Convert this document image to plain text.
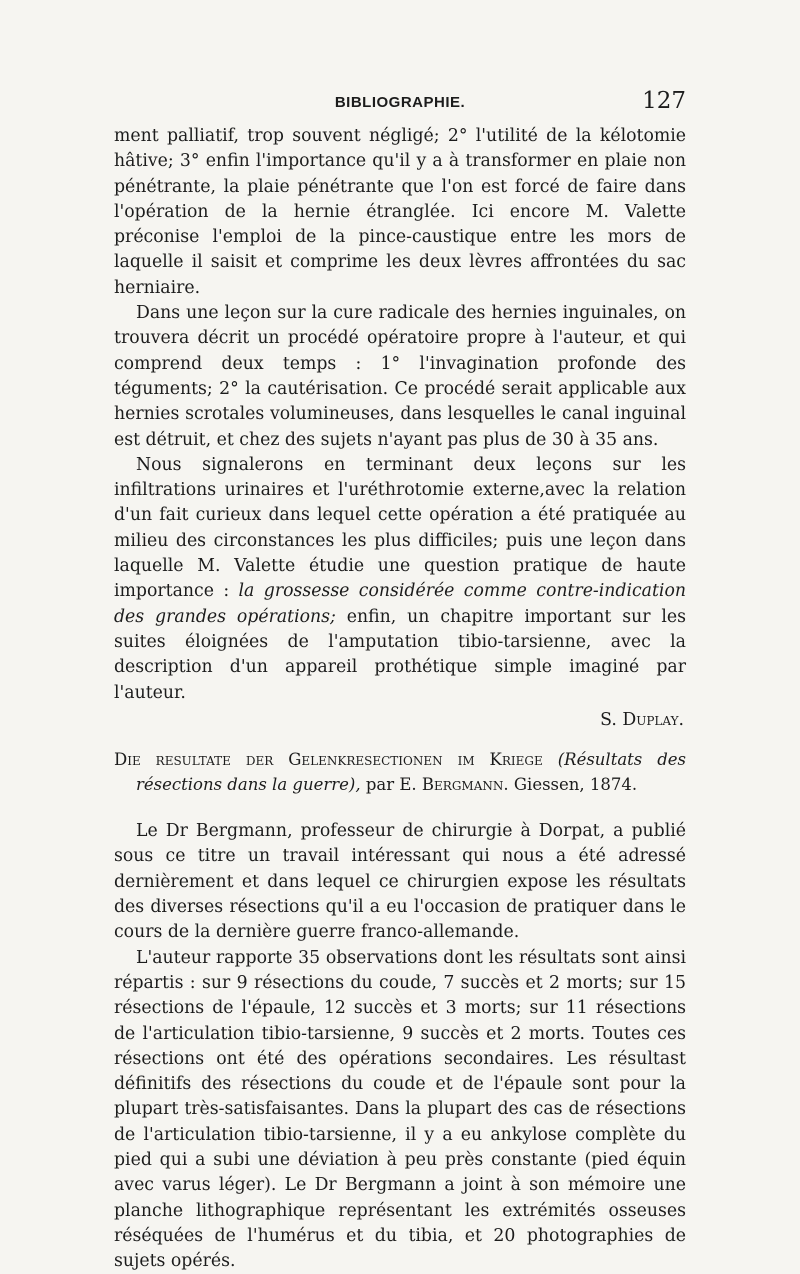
BIBLIOGRAPHIE.	127

ment palliatif, trop souvent négligé; 2° l'utilité de la kélotomie hâtive; 3° enfin l'importance qu'il y a à transformer en plaie non pénétrante, la plaie pénétrante que l'on est forcé de faire dans l'opération de la hernie étranglée. Ici encore M. Valette préconise l'emploi de la pince-caustique entre les mors de laquelle il saisit et comprime les deux lèvres affrontées du sac herniaire.

Dans une leçon sur la cure radicale des hernies inguinales, on trouvera décrit un procédé opératoire propre à l'auteur, et qui comprend deux temps : 1° l'invagination profonde des téguments; 2° la cautérisation. Ce procédé serait applicable aux hernies scrotales volumineuses, dans lesquelles le canal inguinal est détruit, et chez des sujets n'ayant pas plus de 30 à 35 ans.

Nous signalerons en terminant deux leçons sur les infiltrations urinaires et l'uréthrotomie externe,avec la relation d'un fait curieux dans lequel cette opération a été pratiquée au milieu des circonstances les plus difficiles; puis une leçon dans laquelle M. Valette étudie une question pratique de haute importance : la grossesse considérée comme contre-indication des grandes opérations; enfin, un chapitre important sur les suites éloignées de l'amputation tibio-tarsienne, avec la description d'un appareil prothétique simple imaginé par l'auteur.

S. Duplay.

Die resultate der Gelenkresectionen im Kriege (Résultats des résections dans la guerre), par E. Bergmann. Giessen, 1874.

Le Dr Bergmann, professeur de chirurgie à Dorpat, a publié sous ce titre un travail intéressant qui nous a été adressé dernièrement et dans lequel ce chirurgien expose les résultats des diverses résections qu'il a eu l'occasion de pratiquer dans le cours de la dernière guerre franco-allemande.

L'auteur rapporte 35 observations dont les résultats sont ainsi répartis : sur 9 résections du coude, 7 succès et 2 morts; sur 15 résections de l'épaule, 12 succès et 3 morts; sur 11 résections de l'articulation tibio-tarsienne, 9 succès et 2 morts. Toutes ces résections ont été des opérations secondaires. Les résultast définitifs des résections du coude et de l'épaule sont pour la plupart très-satisfaisantes. Dans la plupart des cas de résections de l'articulation tibio-tarsienne, il y a eu ankylose complète du pied qui a subi une déviation à peu près constante (pied équin avec varus léger). Le Dr Bergmann a joint à son mémoire une planche lithographique représentant les extrémités osseuses réséquées de l'humérus et du tibia, et 20 photographies de sujets opérés.
